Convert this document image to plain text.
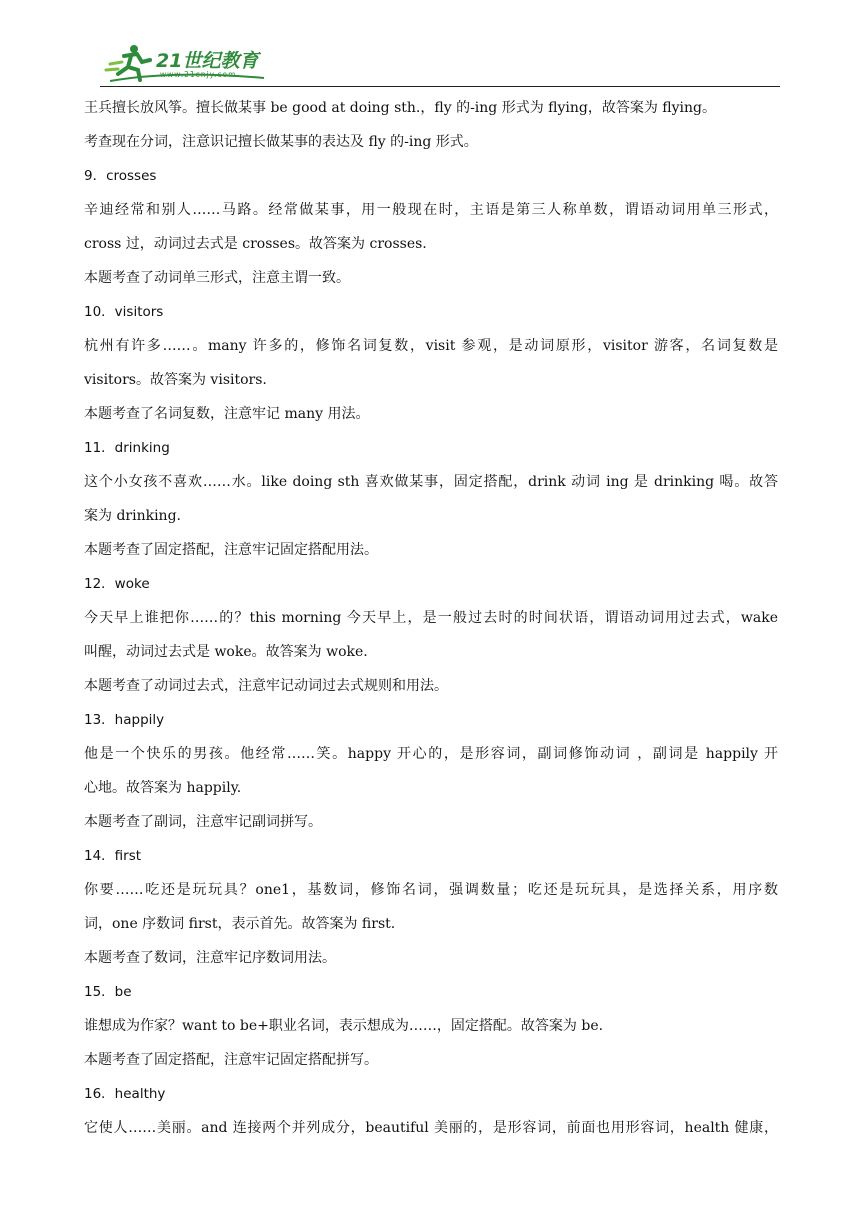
21世纪教育
www.21cnjy.com
王兵擅长放风筝。擅长做某事 be good at doing sth.，fly 的-ing 形式为 flying，故答案为 flying。
考查现在分词，注意识记擅长做某事的表达及 fly 的-ing 形式。
9．crosses
辛迪经常和别人……马路。经常做某事，用一般现在时，主语是第三人称单数，谓语动词用单三形式，
cross 过，动词过去式是 crosses。故答案为 crosses.
本题考查了动词单三形式，注意主谓一致。
10．visitors
杭州有许多……。many 许多的，修饰名词复数，visit 参观，是动词原形，visitor 游客，名词复数是
visitors。故答案为 visitors.
本题考查了名词复数，注意牢记 many 用法。
11．drinking
这个小女孩不喜欢……水。like doing sth 喜欢做某事，固定搭配，drink 动词 ing 是 drinking 喝。故答
案为 drinking.
本题考查了固定搭配，注意牢记固定搭配用法。
12．woke
今天早上谁把你……的？this morning 今天早上，是一般过去时的时间状语，谓语动词用过去式，wake
叫醒，动词过去式是 woke。故答案为 woke.
本题考查了动词过去式，注意牢记动词过去式规则和用法。
13．happily
他是一个快乐的男孩。他经常……笑。happy 开心的，是形容词，副词修饰动词 ，副词是 happily 开
心地。故答案为 happily.
本题考查了副词，注意牢记副词拼写。
14．first
你要……吃还是玩玩具？one1，基数词，修饰名词，强调数量；吃还是玩玩具，是选择关系，用序数
词，one 序数词 first，表示首先。故答案为 first.
本题考查了数词，注意牢记序数词用法。
15．be
谁想成为作家？want to be+职业名词，表示想成为……，固定搭配。故答案为 be.
本题考查了固定搭配，注意牢记固定搭配拼写。
16．healthy
它使人……美丽。and 连接两个并列成分，beautiful 美丽的，是形容词，前面也用形容词，health 健康，
